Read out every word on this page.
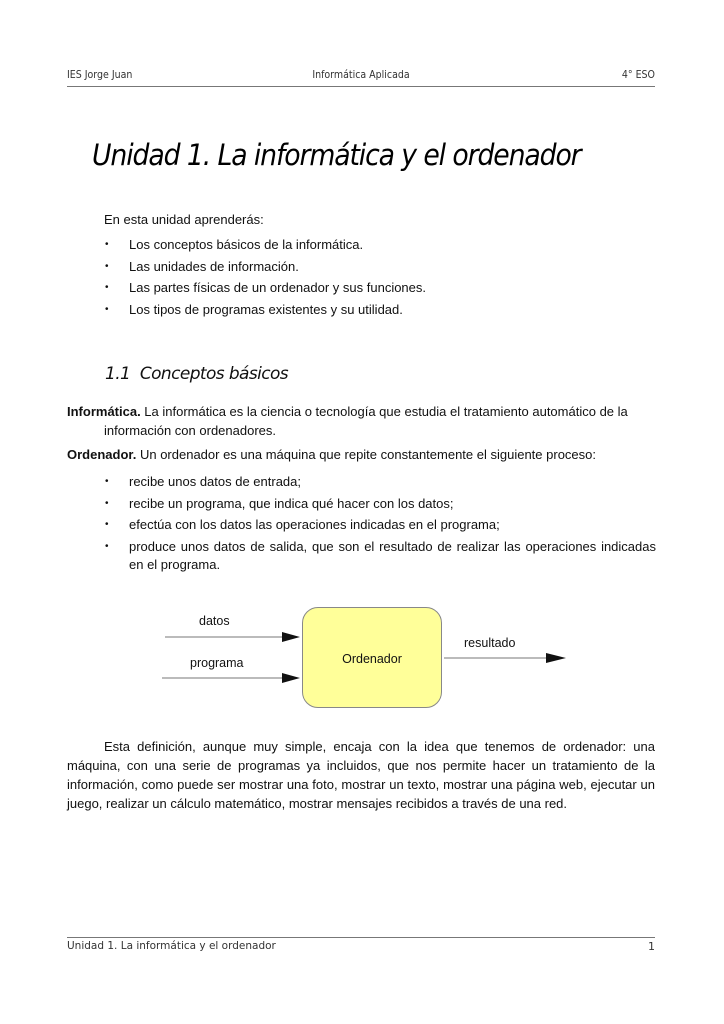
IES Jorge Juan	Informática Aplicada	4° ESO
Unidad 1. La informática y el ordenador
En esta unidad aprenderás:
• Los conceptos básicos de la informática.
• Las unidades de información.
• Las partes físicas de un ordenador y sus funciones.
• Los tipos de programas existentes y su utilidad.
1.1 Conceptos básicos
Informática. La informática es la ciencia o tecnología que estudia el tratamiento automático de la información con ordenadores.
Ordenador. Un ordenador es una máquina que repite constantemente el siguiente proceso:
• recibe unos datos de entrada;
• recibe un programa, que indica qué hacer con los datos;
• efectúa con los datos las operaciones indicadas en el programa;
• produce unos datos de salida, que son el resultado de realizar las operaciones indicadas en el programa.
datos
programa
resultado
Ordenador
Esta definición, aunque muy simple, encaja con la idea que tenemos de ordenador: una máquina, con una serie de programas ya incluidos, que nos permite hacer un tratamiento de la información, como puede ser mostrar una foto, mostrar un texto, mostrar una página web, ejecutar un juego, realizar un cálculo matemático, mostrar mensajes recibidos a través de una red.
Unidad 1. La informática y el ordenador	1
